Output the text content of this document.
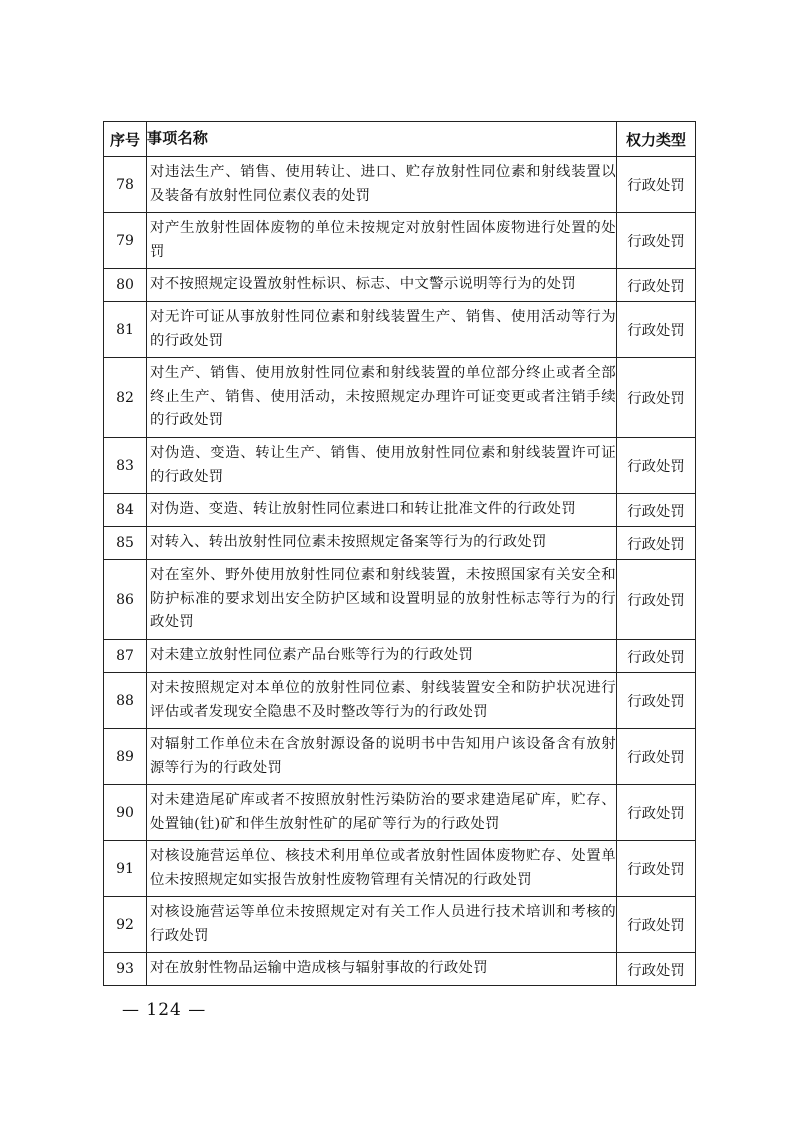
序号	事项名称	权力类型
78	对违法生产、销售、使用转让、进口、贮存放射性同位素和射线装置以及装备有放射性同位素仪表的处罚	行政处罚
79	对产生放射性固体废物的单位未按规定对放射性固体废物进行处置的处罚	行政处罚
80	对不按照规定设置放射性标识、标志、中文警示说明等行为的处罚	行政处罚
81	对无许可证从事放射性同位素和射线装置生产、销售、使用活动等行为的行政处罚	行政处罚
82	对生产、销售、使用放射性同位素和射线装置的单位部分终止或者全部终止生产、销售、使用活动，未按照规定办理许可证变更或者注销手续的行政处罚	行政处罚
83	对伪造、变造、转让生产、销售、使用放射性同位素和射线装置许可证的行政处罚	行政处罚
84	对伪造、变造、转让放射性同位素进口和转让批准文件的行政处罚	行政处罚
85	对转入、转出放射性同位素未按照规定备案等行为的行政处罚	行政处罚
86	对在室外、野外使用放射性同位素和射线装置，未按照国家有关安全和防护标准的要求划出安全防护区域和设置明显的放射性标志等行为的行政处罚	行政处罚
87	对未建立放射性同位素产品台账等行为的行政处罚	行政处罚
88	对未按照规定对本单位的放射性同位素、射线装置安全和防护状况进行评估或者发现安全隐患不及时整改等行为的行政处罚	行政处罚
89	对辐射工作单位未在含放射源设备的说明书中告知用户该设备含有放射源等行为的行政处罚	行政处罚
90	对未建造尾矿库或者不按照放射性污染防治的要求建造尾矿库，贮存、处置铀(钍)矿和伴生放射性矿的尾矿等行为的行政处罚	行政处罚
91	对核设施营运单位、核技术利用单位或者放射性固体废物贮存、处置单位未按照规定如实报告放射性废物管理有关情况的行政处罚	行政处罚
92	对核设施营运等单位未按照规定对有关工作人员进行技术培训和考核的行政处罚	行政处罚
93	对在放射性物品运输中造成核与辐射事故的行政处罚	行政处罚
— 124 —
